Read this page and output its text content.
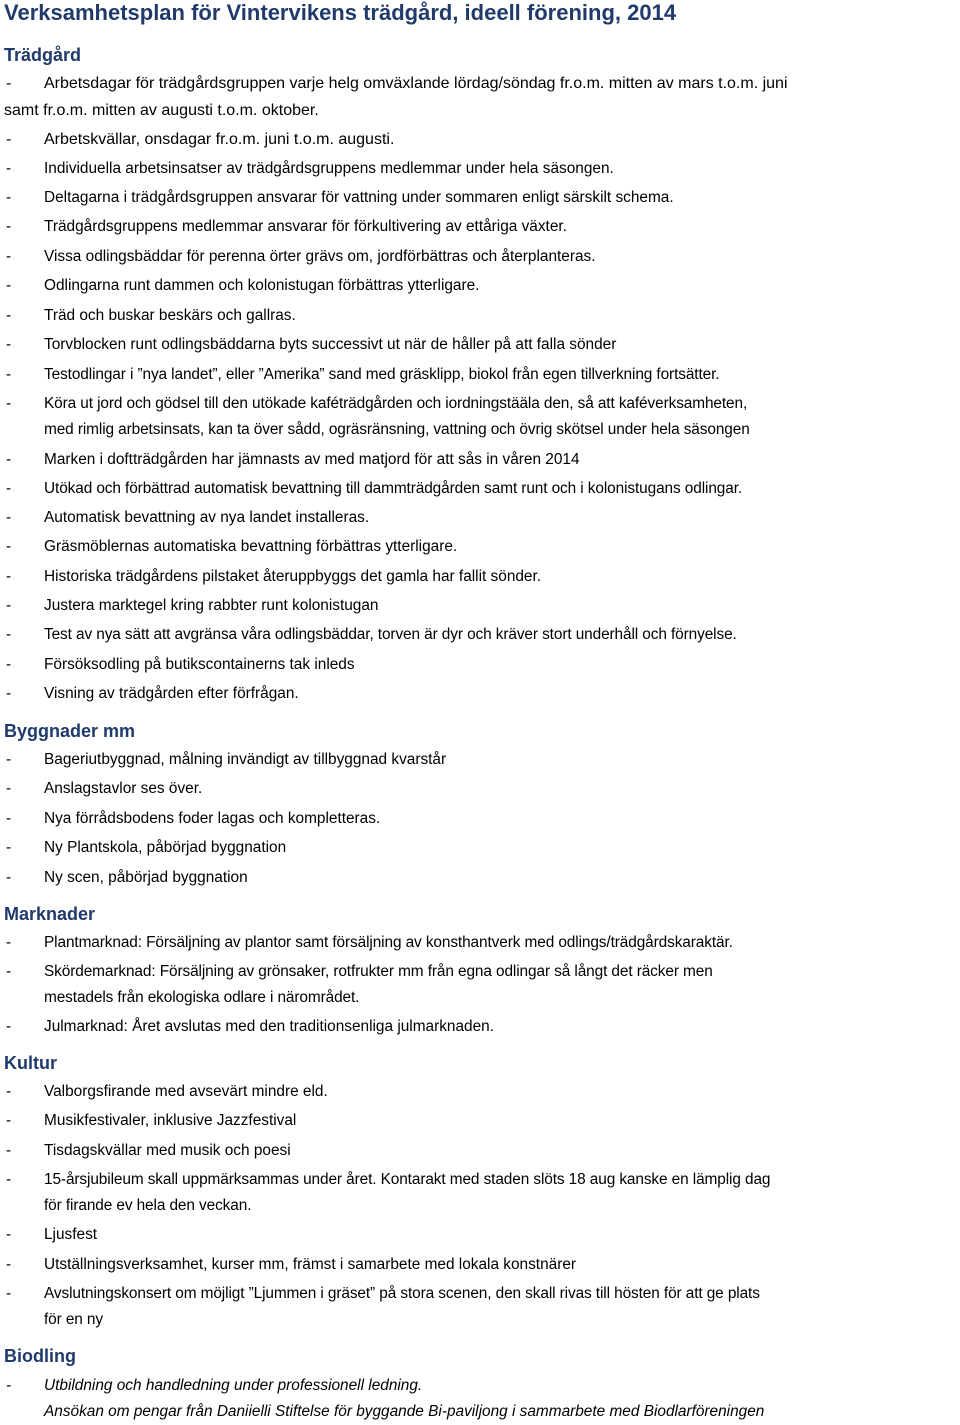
Verksamhetsplan för Vintervikens trädgård, ideell förening, 2014
Trädgård
- Arbetsdagar för trädgårdsgruppen varje helg omväxlande lördag/söndag fr.o.m. mitten av mars t.o.m. juni
samt fr.o.m. mitten av augusti t.o.m. oktober.
- Arbetskvällar, onsdagar fr.o.m. juni t.o.m. augusti.
- Individuella arbetsinsatser av trädgårdsgruppens medlemmar under hela säsongen.
- Deltagarna i trädgårdsgruppen ansvarar för vattning under sommaren enligt särskilt schema.
- Trädgårdsgruppens medlemmar ansvarar för förkultivering av ettåriga växter.
- Vissa odlingsbäddar för perenna örter grävs om, jordförbättras och återplanteras.
- Odlingarna runt dammen och kolonistugan förbättras ytterligare.
- Träd och buskar beskärs och gallras.
- Torvblocken runt odlingsbäddarna byts successivt ut när de håller på att falla sönder
- Testodlingar i ”nya landet”, eller ”Amerika” sand med gräsklipp, biokol från egen tillverkning fortsätter.
- Köra ut jord och gödsel till den utökade kaféträdgården och iordningstääla den, så att kaféverksamheten,
med rimlig arbetsinsats, kan ta över sådd, ogräsränsning, vattning och övrig skötsel under hela säsongen
- Marken i doftträdgården har jämnasts av med matjord för att sås in våren 2014
- Utökad och förbättrad automatisk bevattning till dammträdgården samt runt och i kolonistugans odlingar.
- Automatisk bevattning av nya landet installeras.
- Gräsmöblernas automatiska bevattning förbättras ytterligare.
- Historiska trädgårdens pilstaket återuppbyggs det gamla har fallit sönder.
- Justera marktegel kring rabbter runt kolonistugan
- Test av nya sätt att avgränsa våra odlingsbäddar, torven är dyr och kräver stort underhåll och förnyelse.
- Försöksodling på butikscontainerns tak inleds
- Visning av trädgården efter förfrågan.
Byggnader mm
- Bageriutbyggnad, målning invändigt av tillbyggnad kvarstår
- Anslagstavlor ses över.
- Nya förrådsbodens foder lagas och kompletteras.
- Ny Plantskola, påbörjad byggnation
- Ny scen, påbörjad byggnation
Marknader
- Plantmarknad: Försäljning av plantor samt försäljning av konsthantverk med odlings/trädgårdskaraktär.
- Skördemarknad: Försäljning av grönsaker, rotfrukter mm från egna odlingar så långt det räcker men
mestadels från ekologiska odlare i närområdet.
- Julmarknad: Året avslutas med den traditionsenliga julmarknaden.
Kultur
- Valborgsfirande med avsevärt mindre eld.
- Musikfestivaler, inklusive Jazzfestival
- Tisdagskvällar med musik och poesi
- 15-årsjubileum skall uppmärksammas under året. Kontarakt med staden slöts 18 aug kanske en lämplig dag
för firande ev hela den veckan.
- Ljusfest
- Utställningsverksamhet, kurser mm, främst i samarbete med lokala konstnärer
- Avslutningskonsert om möjligt ”Ljummen i gräset” på stora scenen, den skall rivas till hösten för att ge plats
för en ny
Biodling
- Utbildning och handledning under professionell ledning.
Ansökan om pengar från Daniielli Stiftelse för byggande Bi-paviljong i sammarbete med Biodlarföreningen
